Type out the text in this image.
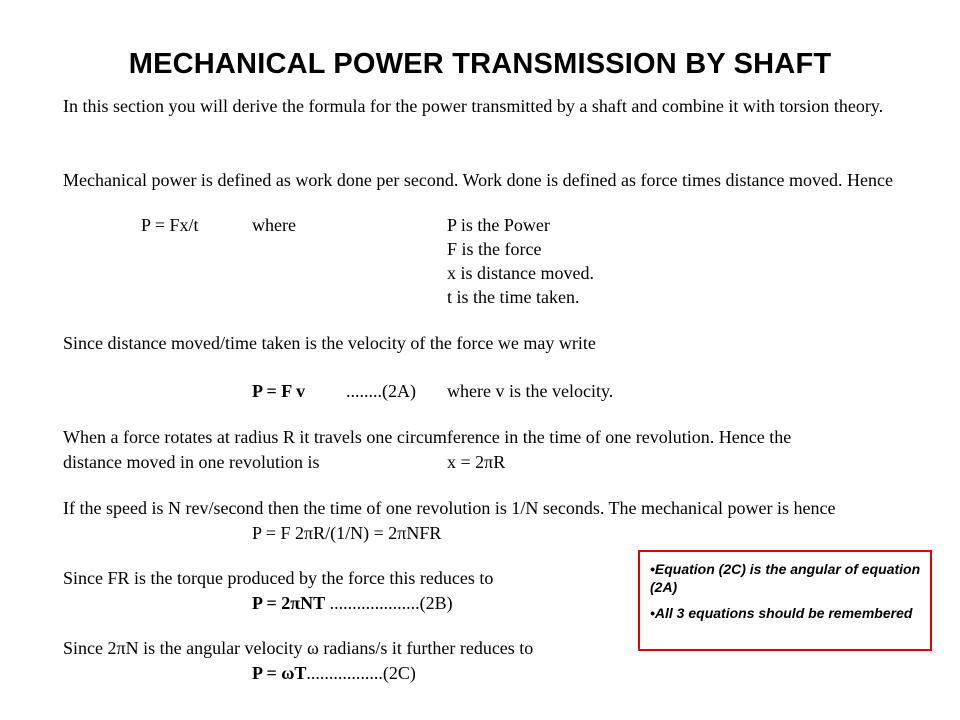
MECHANICAL POWER TRANSMISSION BY SHAFT
In this section you will derive the formula for the power transmitted by a shaft and combine it with torsion theory.
Mechanical power is defined as work done per second. Work done is defined as force times distance moved. Hence
P = Fx/t	where	P is the Power
F is the force
x is distance moved.
t is the time taken.
Since distance moved/time taken is the velocity of the force we may write
P = F v ........(2A) where v is the velocity.
When a force rotates at radius R it travels one circumference in the time of one revolution. Hence the
distance moved in one revolution is	x = 2πR
If the speed is N rev/second then the time of one revolution is 1/N seconds. The mechanical power is hence
P = F 2πR/(1/N) = 2πNFR
Since FR is the torque produced by the force this reduces to
P = 2πNT ....................(2B)
Since 2πN is the angular velocity ω radians/s it further reduces to
P = ωT.................(2C)
•Equation (2C) is the angular of equation (2A)
•All 3 equations should be remembered
